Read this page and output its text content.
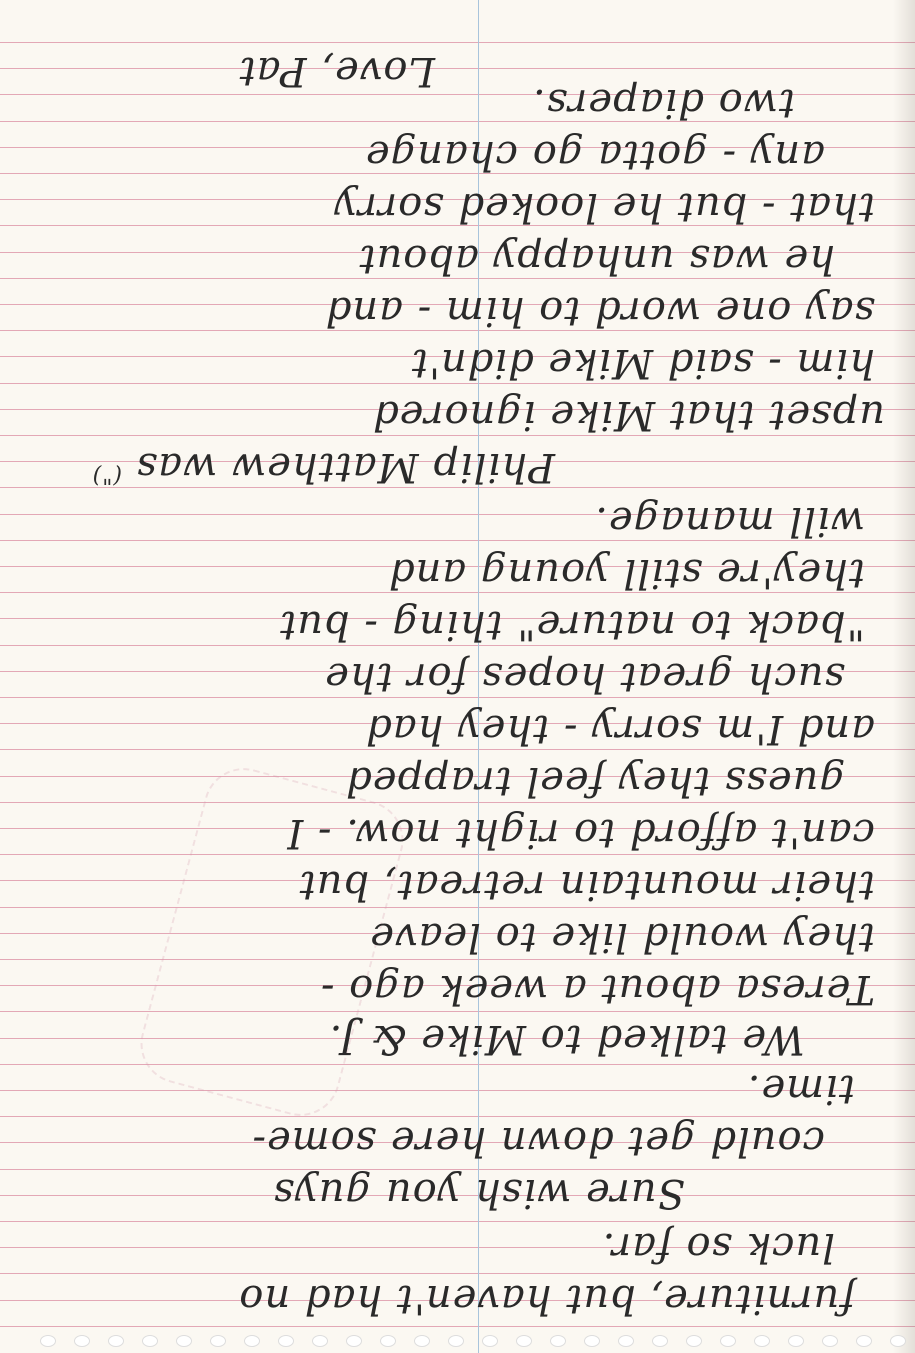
furniture, but haven't had no
luck so far.
Sure wish you guys
could get down here some-
time.
We talked to Mike & J.
Teresa about a week ago -
they would like to leave
their mountain retreat, but
can't afford to right now. - I
guess they feel trapped
and I'm sorry - they had
such great hopes for the
"back to nature" thing - but
they're still young and
will manage.
Philip Matthew was (")
upset that Mike ignored
him - said Mike didn't
say one word to him - and
he was unhappy about
that - but he looked sorry
any - gotta go change
two diapers.
Love, Pat
